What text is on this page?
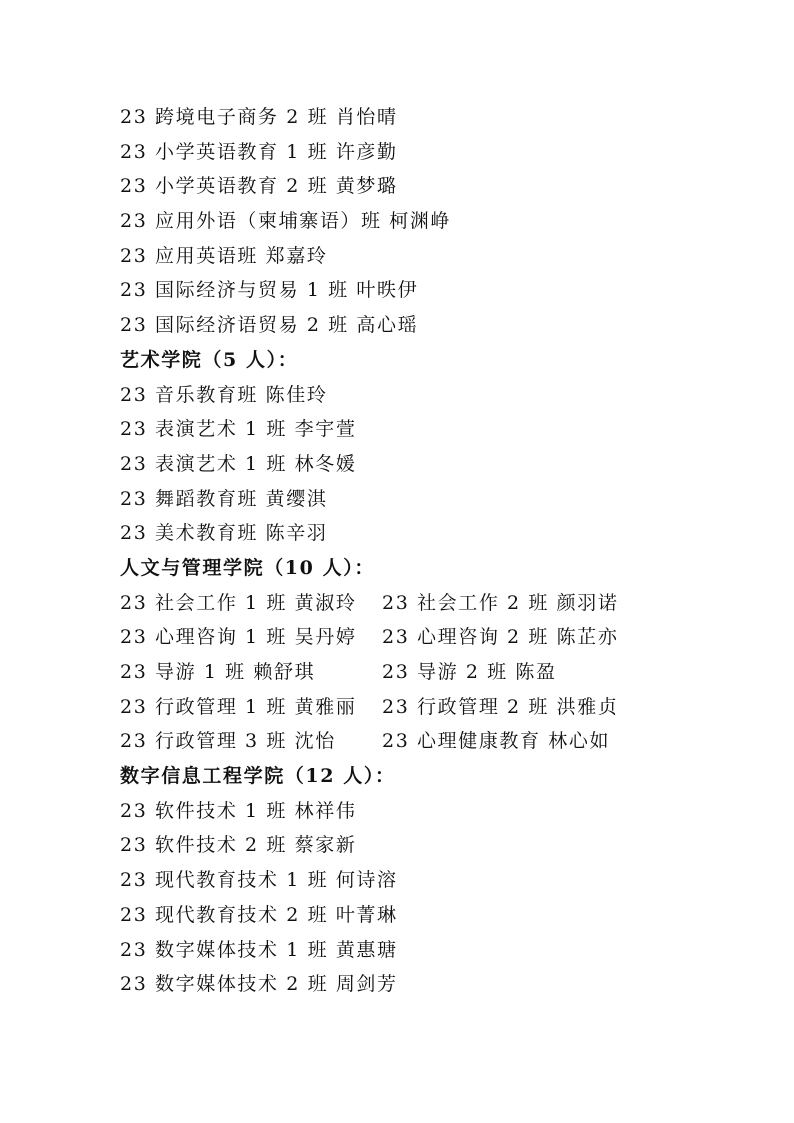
23 跨境电子商务 2 班 肖怡晴
23 小学英语教育 1 班 许彦勤
23 小学英语教育 2 班 黄梦璐
23 应用外语（柬埔寨语）班 柯渊峥
23 应用英语班 郑嘉玲
23 国际经济与贸易 1 班 叶昳伊
23 国际经济语贸易 2 班 高心瑶
艺术学院（5 人）：
23 音乐教育班 陈佳玲
23 表演艺术 1 班 李宇萱
23 表演艺术 1 班 林冬媛
23 舞蹈教育班 黄缨淇
23 美术教育班 陈辛羽
人文与管理学院（10 人）：
23 社会工作 1 班 黄淑玲 23 社会工作 2 班 颜羽诺
23 心理咨询 1 班 吴丹婷 23 心理咨询 2 班 陈芷亦
23 导游 1 班 赖舒琪	23 导游 2 班 陈盈
23 行政管理 1 班 黄雅丽 23 行政管理 2 班 洪雅贞
23 行政管理 3 班 沈怡 23 心理健康教育 林心如
数字信息工程学院（12 人）：
23 软件技术 1 班 林祥伟
23 软件技术 2 班 蔡家新
23 现代教育技术 1 班 何诗溶
23 现代教育技术 2 班 叶菁琳
23 数字媒体技术 1 班 黄惠瑭
23 数字媒体技术 2 班 周剑芳
